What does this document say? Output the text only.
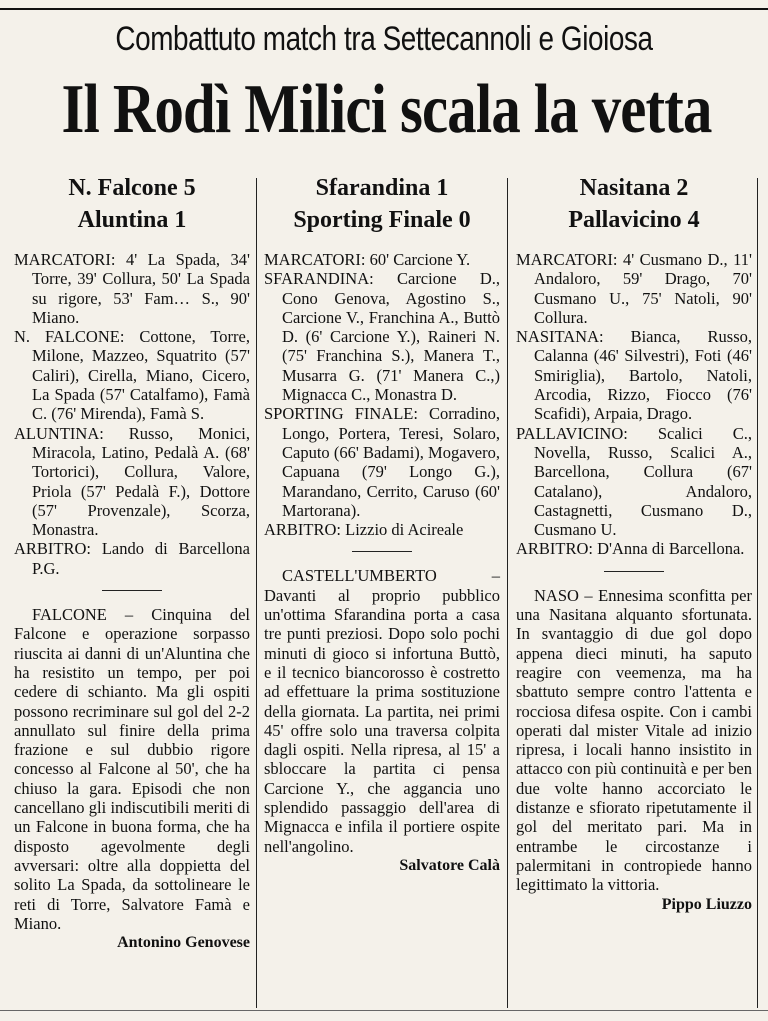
Combattuto match tra Settecannoli e Gioiosa
Il Rodì Milici scala la vetta
N. Falcone 5
Aluntina 1

MARCATORI: 4' La Spada, 34' Torre, 39' Collura, 50' La Spada su rigore, 53' Fam… S., 90' Miano.

N. FALCONE: Cottone, Torre, Milone, Mazzeo, Squatrito (57' Caliri), Cirella, Miano, Cicero, La Spada (57' Catalfamo), Famà C. (76' Mirenda), Famà S.

ALUNTINA: Russo, Monici, Miracola, Latino, Pedalà A. (68' Tortorici), Collura, Valore, Priola (57' Pedalà F.), Dottore (57' Provenzale), Scorza, Monastra.

ARBITRO: Lando di Barcellona P.G.

FALCONE – Cinquina del Falcone e operazione sorpasso riuscita ai danni di un'Aluntina che ha resistito un tempo, per poi cedere di schianto. Ma gli ospiti possono recriminare sul gol del 2-2 annullato sul finire della prima frazione e sul dubbio rigore concesso al Falcone al 50', che ha chiuso la gara. Episodi che non cancellano gli indiscutibili meriti di un Falcone in buona forma, che ha disposto agevolmente degli avversari: oltre alla doppietta del solito La Spada, da sottolineare le reti di Torre, Salvatore Famà e Miano.

Antonino Genovese
Sfarandina 1
Sporting Finale 0

MARCATORI: 60' Carcione Y.

SFARANDINA: Carcione D., Cono Genova, Agostino S., Carcione V., Franchina A., Buttò D. (6' Carcione Y.), Raineri N. (75' Franchina S.), Manera T., Musarra G. (71' Manera C.,) Mignacca C., Monastra D.

SPORTING FINALE: Corradino, Longo, Portera, Teresi, Solaro, Caputo (66' Badami), Mogavero, Capuana (79' Longo G.), Marandano, Cerrito, Caruso (60' Martorana).

ARBITRO: Lizzio di Acireale

CASTELL'UMBERTO – Davanti al proprio pubblico un'ottima Sfarandina porta a casa tre punti preziosi. Dopo solo pochi minuti di gioco si infortuna Buttò, e il tecnico biancorosso è costretto ad effettuare la prima sostituzione della giornata. La partita, nei primi 45' offre solo una traversa colpita dagli ospiti. Nella ripresa, al 15' a sbloccare la partita ci pensa Carcione Y., che aggancia uno splendido passaggio dell'area di Mignacca e infila il portiere ospite nell'angolino.

Salvatore Calà
Nasitana 2
Pallavicino 4

MARCATORI: 4' Cusmano D., 11' Andaloro, 59' Drago, 70' Cusmano U., 75' Natoli, 90' Collura.

NASITANA: Bianca, Russo, Calanna (46' Silvestri), Foti (46' Smiriglia), Bartolo, Natoli, Arcodia, Rizzo, Fiocco (76' Scafidi), Arpaia, Drago.

PALLAVICINO: Scalici C., Novella, Russo, Scalici A., Barcellona, Collura (67' Catalano), Andaloro, Castagnetti, Cusmano D., Cusmano U.

ARBITRO: D'Anna di Barcellona.

NASO – Ennesima sconfitta per una Nasitana alquanto sfortunata. In svantaggio di due gol dopo appena dieci minuti, ha saputo reagire con veemenza, ma ha sbattuto sempre contro l'attenta e rocciosa difesa ospite. Con i cambi operati dal mister Vitale ad inizio ripresa, i locali hanno insistito in attacco con più continuità e per ben due volte hanno accorciato le distanze e sfiorato ripetutamente il gol del meritato pari. Ma in entrambe le circostanze i palermitani in contropiede hanno legittimato la vittoria.

Pippo Liuzzo
